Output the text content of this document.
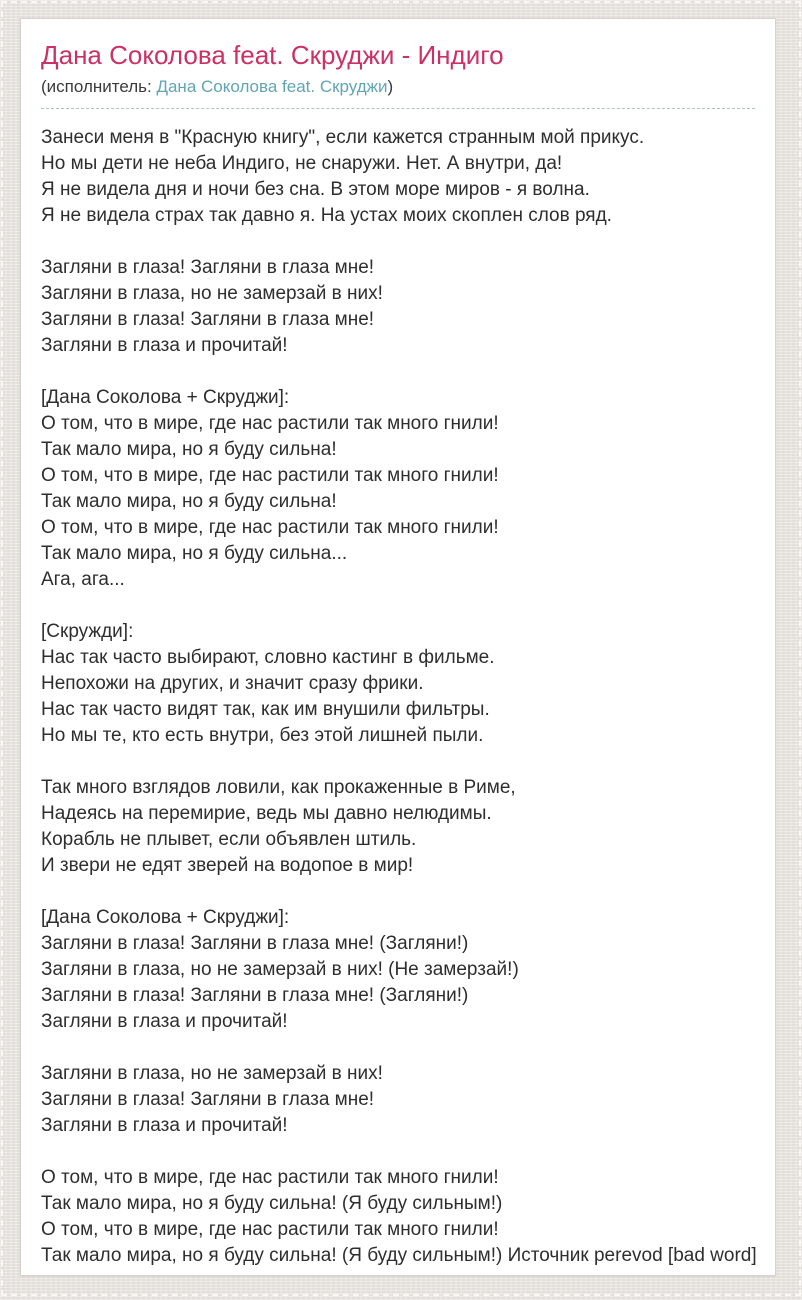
Дана Соколова feat. Скруджи - Индиго
(исполнитель: Дана Соколова feat. Скруджи)
Занеси меня в "Красную книгу", если кажется странным мой прикус.
Но мы дети не неба Индиго, не снаружи. Нет. А внутри, да!
Я не видела дня и ночи без сна. В этом море миров - я волна.
Я не видела страх так давно я. На устах моих скоплен слов ряд.
Загляни в глаза! Загляни в глаза мне!
Загляни в глаза, но не замерзай в них!
Загляни в глаза! Загляни в глаза мне!
Загляни в глаза и прочитай!
[Дана Соколова + Скруджи]:
О том, что в мире, где нас растили так много гнили!
Так мало мира, но я буду сильна!
О том, что в мире, где нас растили так много гнили!
Так мало мира, но я буду сильна!
О том, что в мире, где нас растили так много гнили!
Так мало мира, но я буду сильна...
Ага, ага...
[Скружди]:
Нас так часто выбирают, словно кастинг в фильме.
Непохожи на других, и значит сразу фрики.
Нас так часто видят так, как им внушили фильтры.
Но мы те, кто есть внутри, без этой лишней пыли.
Так много взглядов ловили, как прокаженные в Риме,
Надеясь на перемирие, ведь мы давно нелюдимы.
Корабль не плывет, если объявлен штиль.
И звери не едят зверей на водопое в мир!
[Дана Соколова + Скруджи]:
Загляни в глаза! Загляни в глаза мне! (Загляни!)
Загляни в глаза, но не замерзай в них! (Не замерзай!)
Загляни в глаза! Загляни в глаза мне! (Загляни!)
Загляни в глаза и прочитай!
Загляни в глаза, но не замерзай в них!
Загляни в глаза! Загляни в глаза мне!
Загляни в глаза и прочитай!
О том, что в мире, где нас растили так много гнили!
Так мало мира, но я буду сильна! (Я буду сильным!)
О том, что в мире, где нас растили так много гнили!
Так мало мира, но я буду сильна! (Я буду сильным!) Источник perevod [bad word]
